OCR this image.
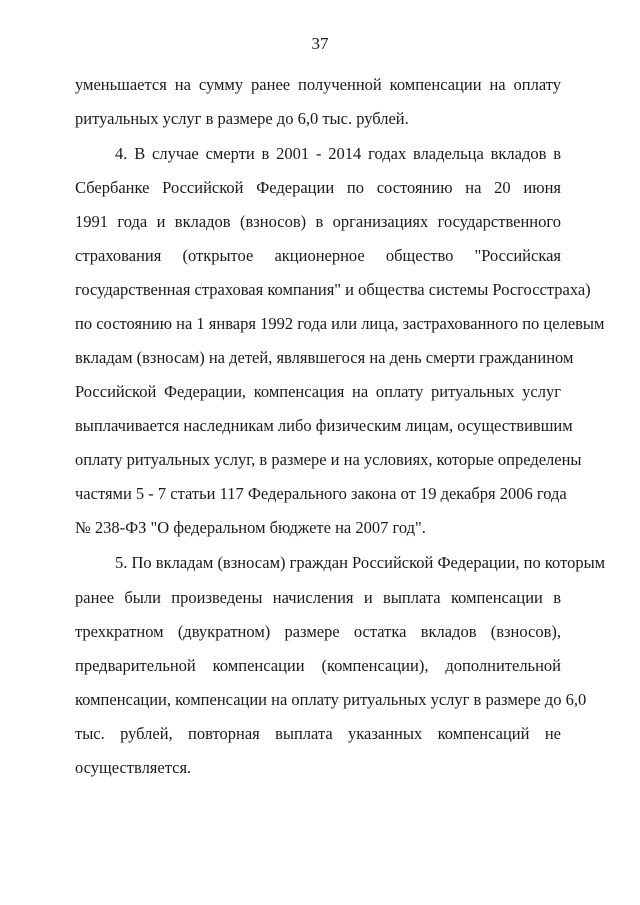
37
уменьшается на сумму ранее полученной компенсации на оплату
ритуальных услуг в размере до 6,0 тыс. рублей.
4. В случае смерти в 2001 - 2014 годах владельца вкладов в
Сбербанке Российской Федерации по состоянию на 20 июня
1991 года и вкладов (взносов) в организациях государственного
страхования (открытое акционерное общество "Российская
государственная страховая компания" и общества системы Росгосстраха)
по состоянию на 1 января 1992 года или лица, застрахованного по целевым
вкладам (взносам) на детей, являвшегося на день смерти гражданином
Российской Федерации, компенсация на оплату ритуальных услуг
выплачивается наследникам либо физическим лицам, осуществившим
оплату ритуальных услуг, в размере и на условиях, которые определены
частями 5 - 7 статьи 117 Федерального закона от 19 декабря 2006 года
№ 238-ФЗ "О федеральном бюджете на 2007 год".
5. По вкладам (взносам) граждан Российской Федерации, по которым
ранее были произведены начисления и выплата компенсации в
трехкратном (двукратном) размере остатка вкладов (взносов),
предварительной компенсации (компенсации), дополнительной
компенсации, компенсации на оплату ритуальных услуг в размере до 6,0
тыс. рублей, повторная выплата указанных компенсаций не
осуществляется.
